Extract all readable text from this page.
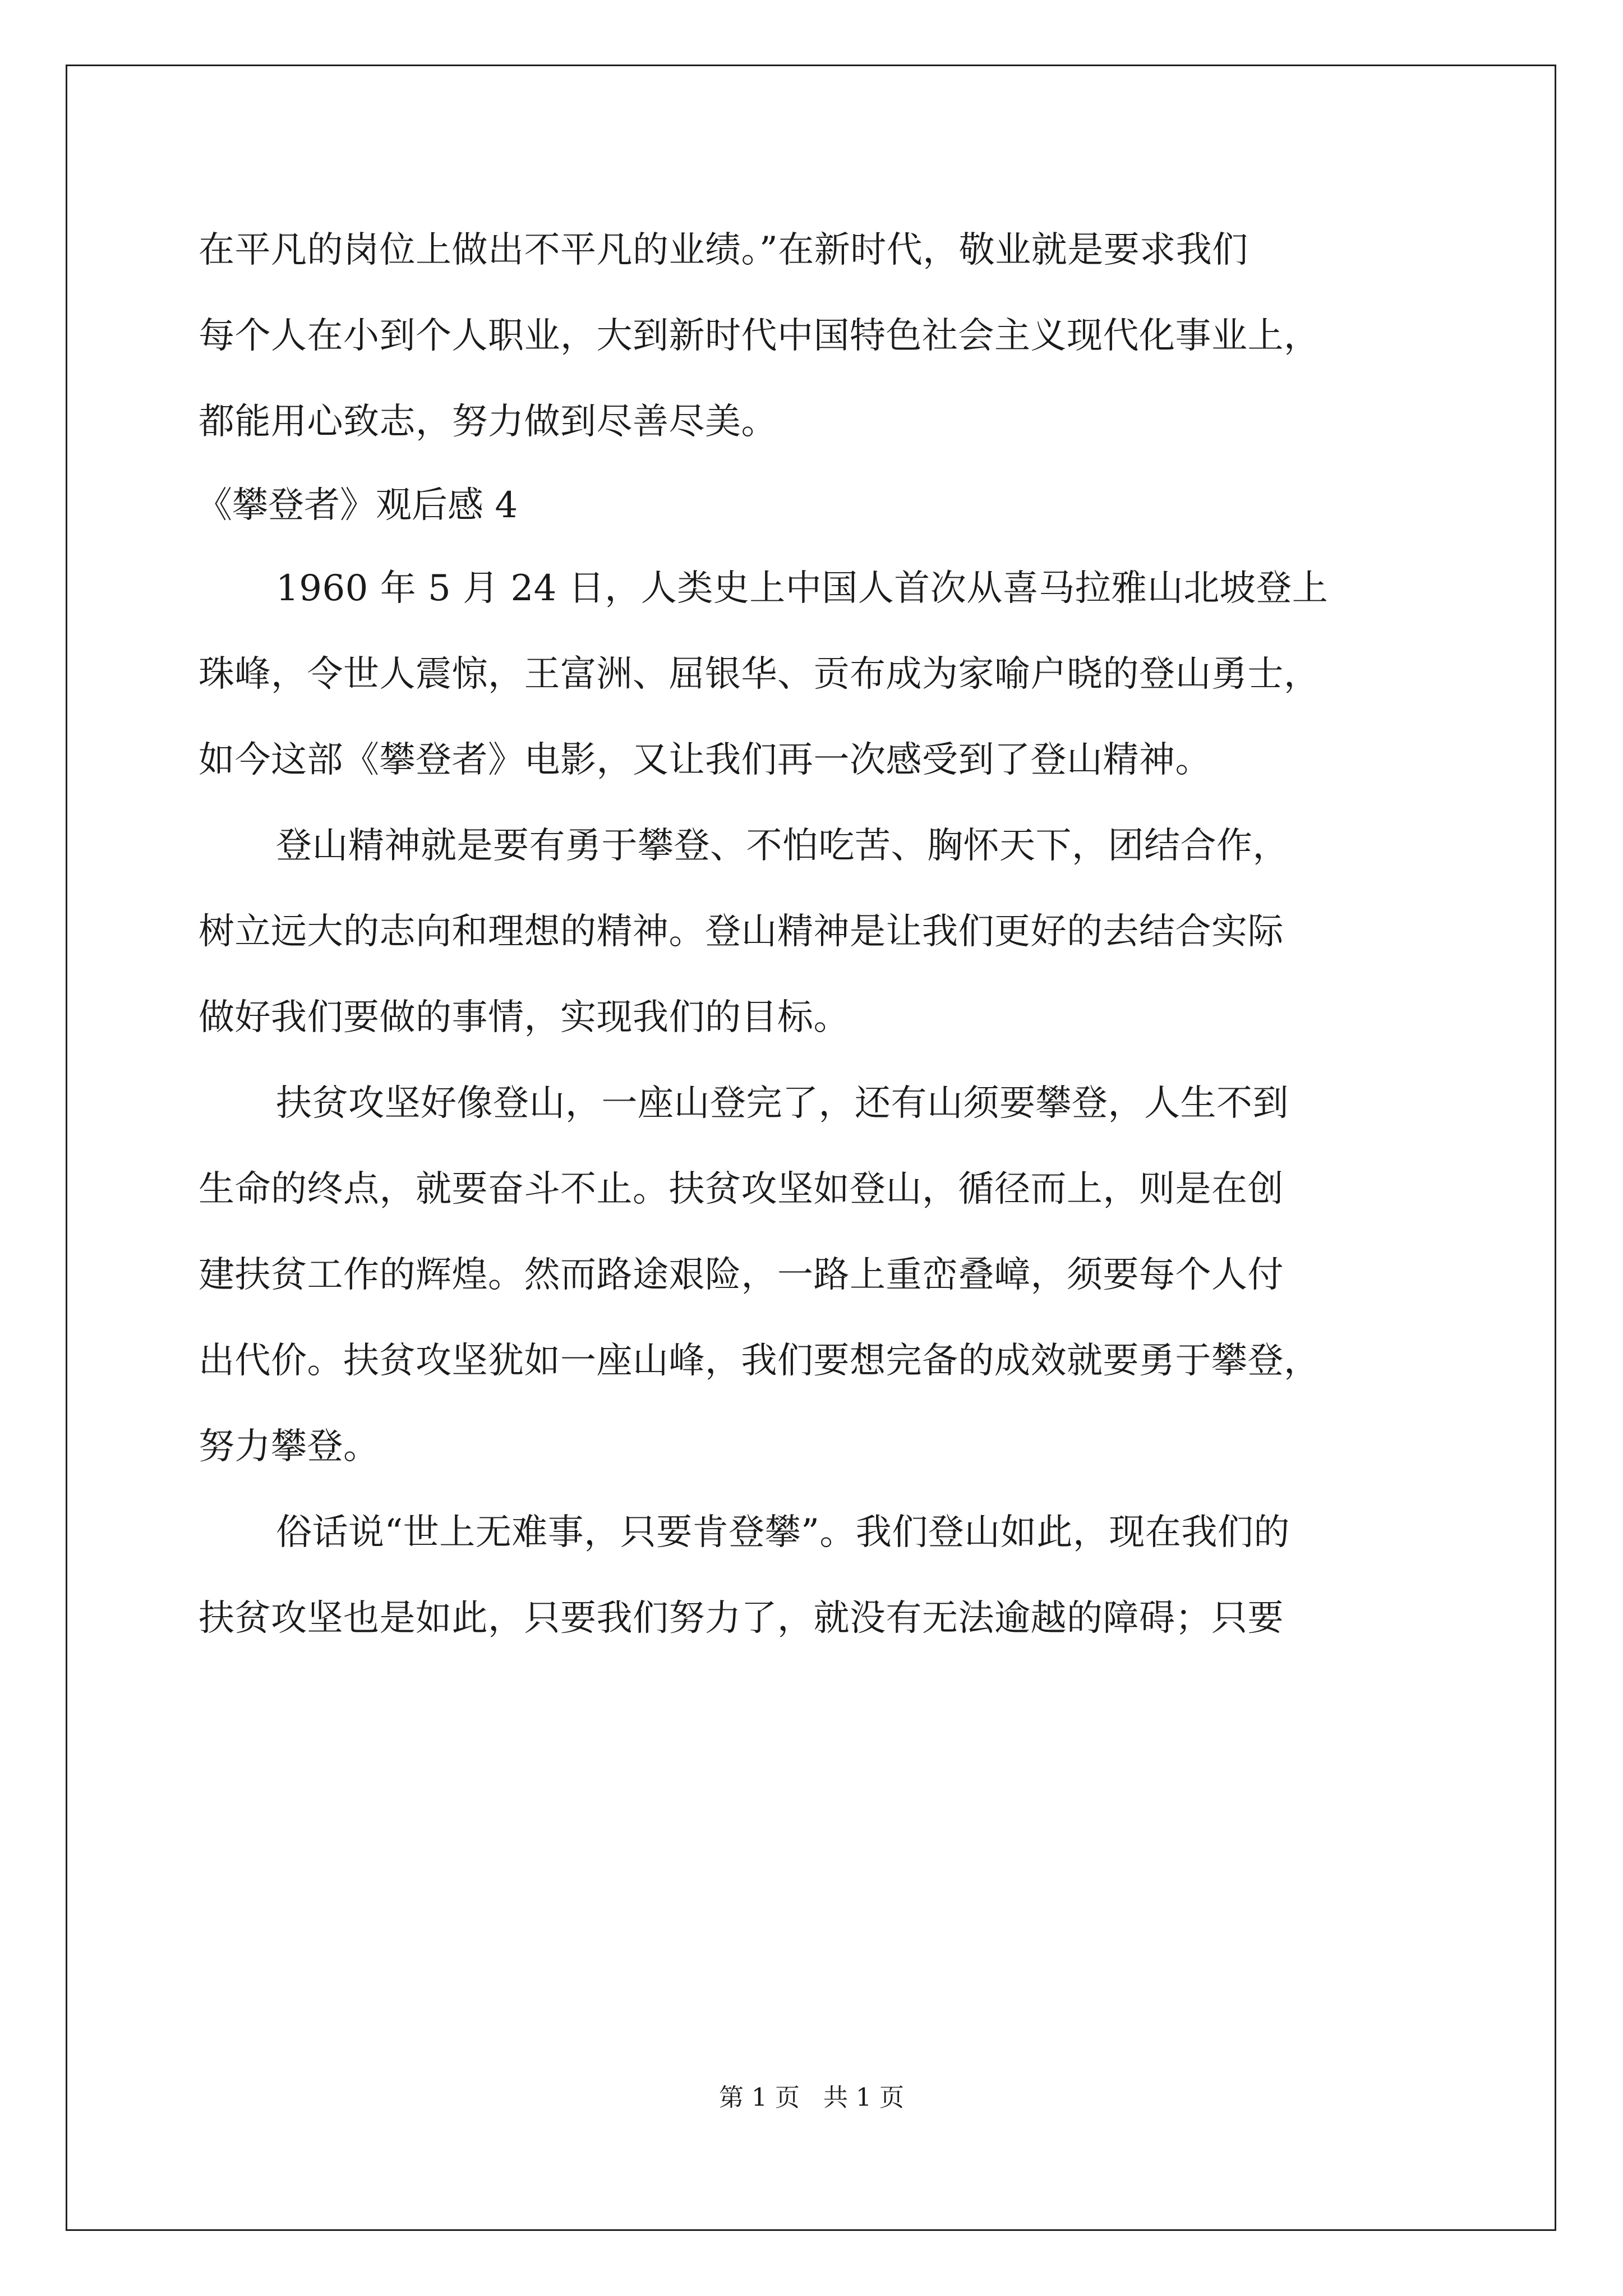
在平凡的岗位上做出不平凡的业绩。”在新时代，敬业就是要求我们
每个人在小到个人职业，大到新时代中国特色社会主义现代化事业上，
都能用心致志，努力做到尽善尽美。
《攀登者》观后感 4
1960 年 5 月 24 日，人类史上中国人首次从喜马拉雅山北坡登上
珠峰，令世人震惊，王富洲、屈银华、贡布成为家喻户晓的登山勇士，
如今这部《攀登者》电影，又让我们再一次感受到了登山精神。
登山精神就是要有勇于攀登、不怕吃苦、胸怀天下，团结合作，
树立远大的志向和理想的精神。登山精神是让我们更好的去结合实际
做好我们要做的事情，实现我们的目标。
扶贫攻坚好像登山，一座山登完了，还有山须要攀登，人生不到
生命的终点，就要奋斗不止。扶贫攻坚如登山，循径而上，则是在创
建扶贫工作的辉煌。然而路途艰险，一路上重峦叠嶂，须要每个人付
出代价。扶贫攻坚犹如一座山峰，我们要想完备的成效就要勇于攀登，
努力攀登。
俗话说“世上无难事，只要肯登攀”。我们登山如此，现在我们的
扶贫攻坚也是如此，只要我们努力了，就没有无法逾越的障碍；只要
第 1 页 共 1 页
